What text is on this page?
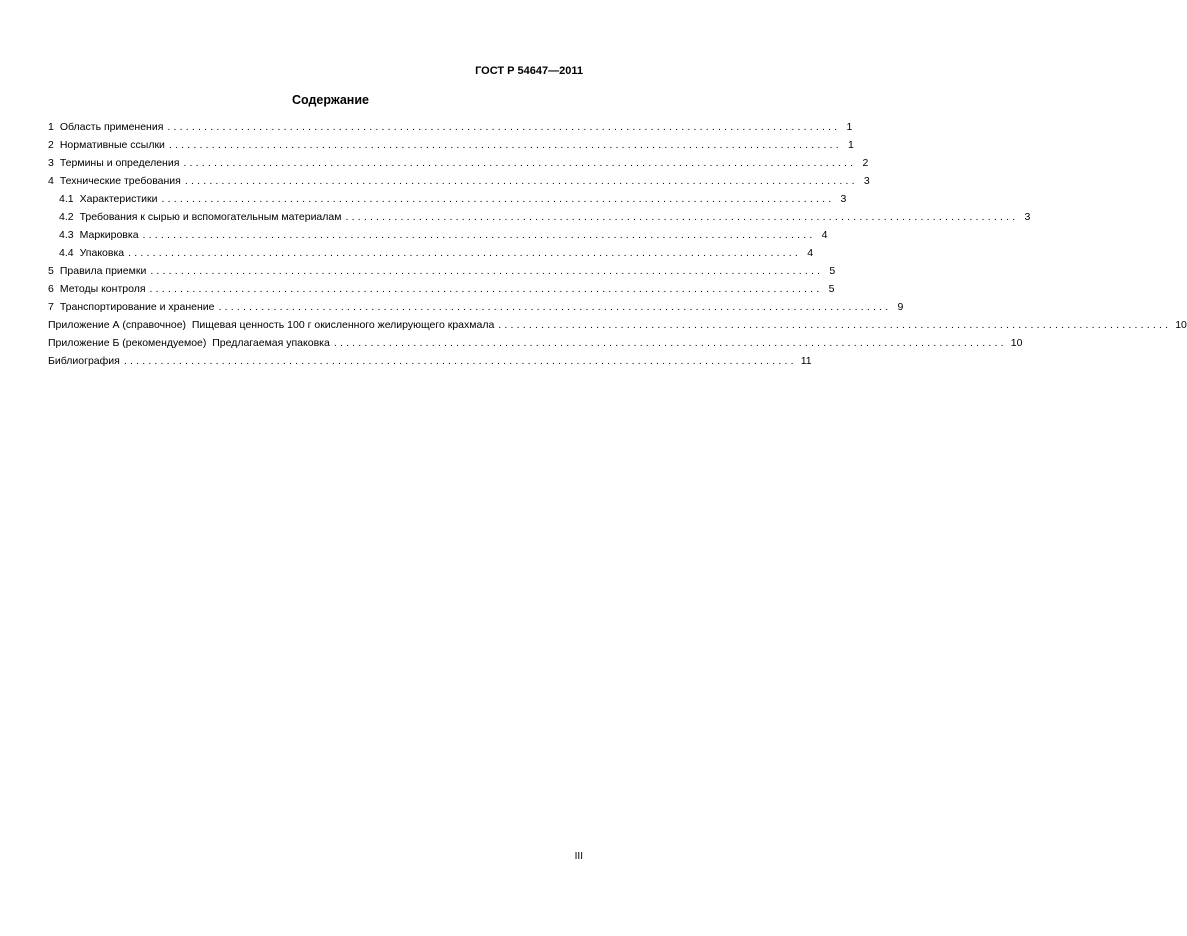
ГОСТ Р 54647—2011
Содержание
1 Область применения .............................................................................................................. 1
2 Нормативные ссылки .............................................................................................................. 1
3 Термины и определения .............................................................................................................. 2
4 Технические требования .............................................................................................................. 3
4.1 Характеристики .............................................................................................................. 3
4.2 Требования к сырью и вспомогательным материалам .............................................................................................................. 3
4.3 Маркировка .............................................................................................................. 4
4.4 Упаковка .............................................................................................................. 4
5 Правила приемки .............................................................................................................. 5
6 Методы контроля .............................................................................................................. 5
7 Транспортирование и хранение .............................................................................................................. 9
Приложение А (справочное)  Пищевая ценность 100 г окисленного желирующего крахмала .............................................................................................................. 10
Приложение Б (рекомендуемое)  Предлагаемая упаковка .............................................................................................................. 10
Библиография .............................................................................................................. 11
III
